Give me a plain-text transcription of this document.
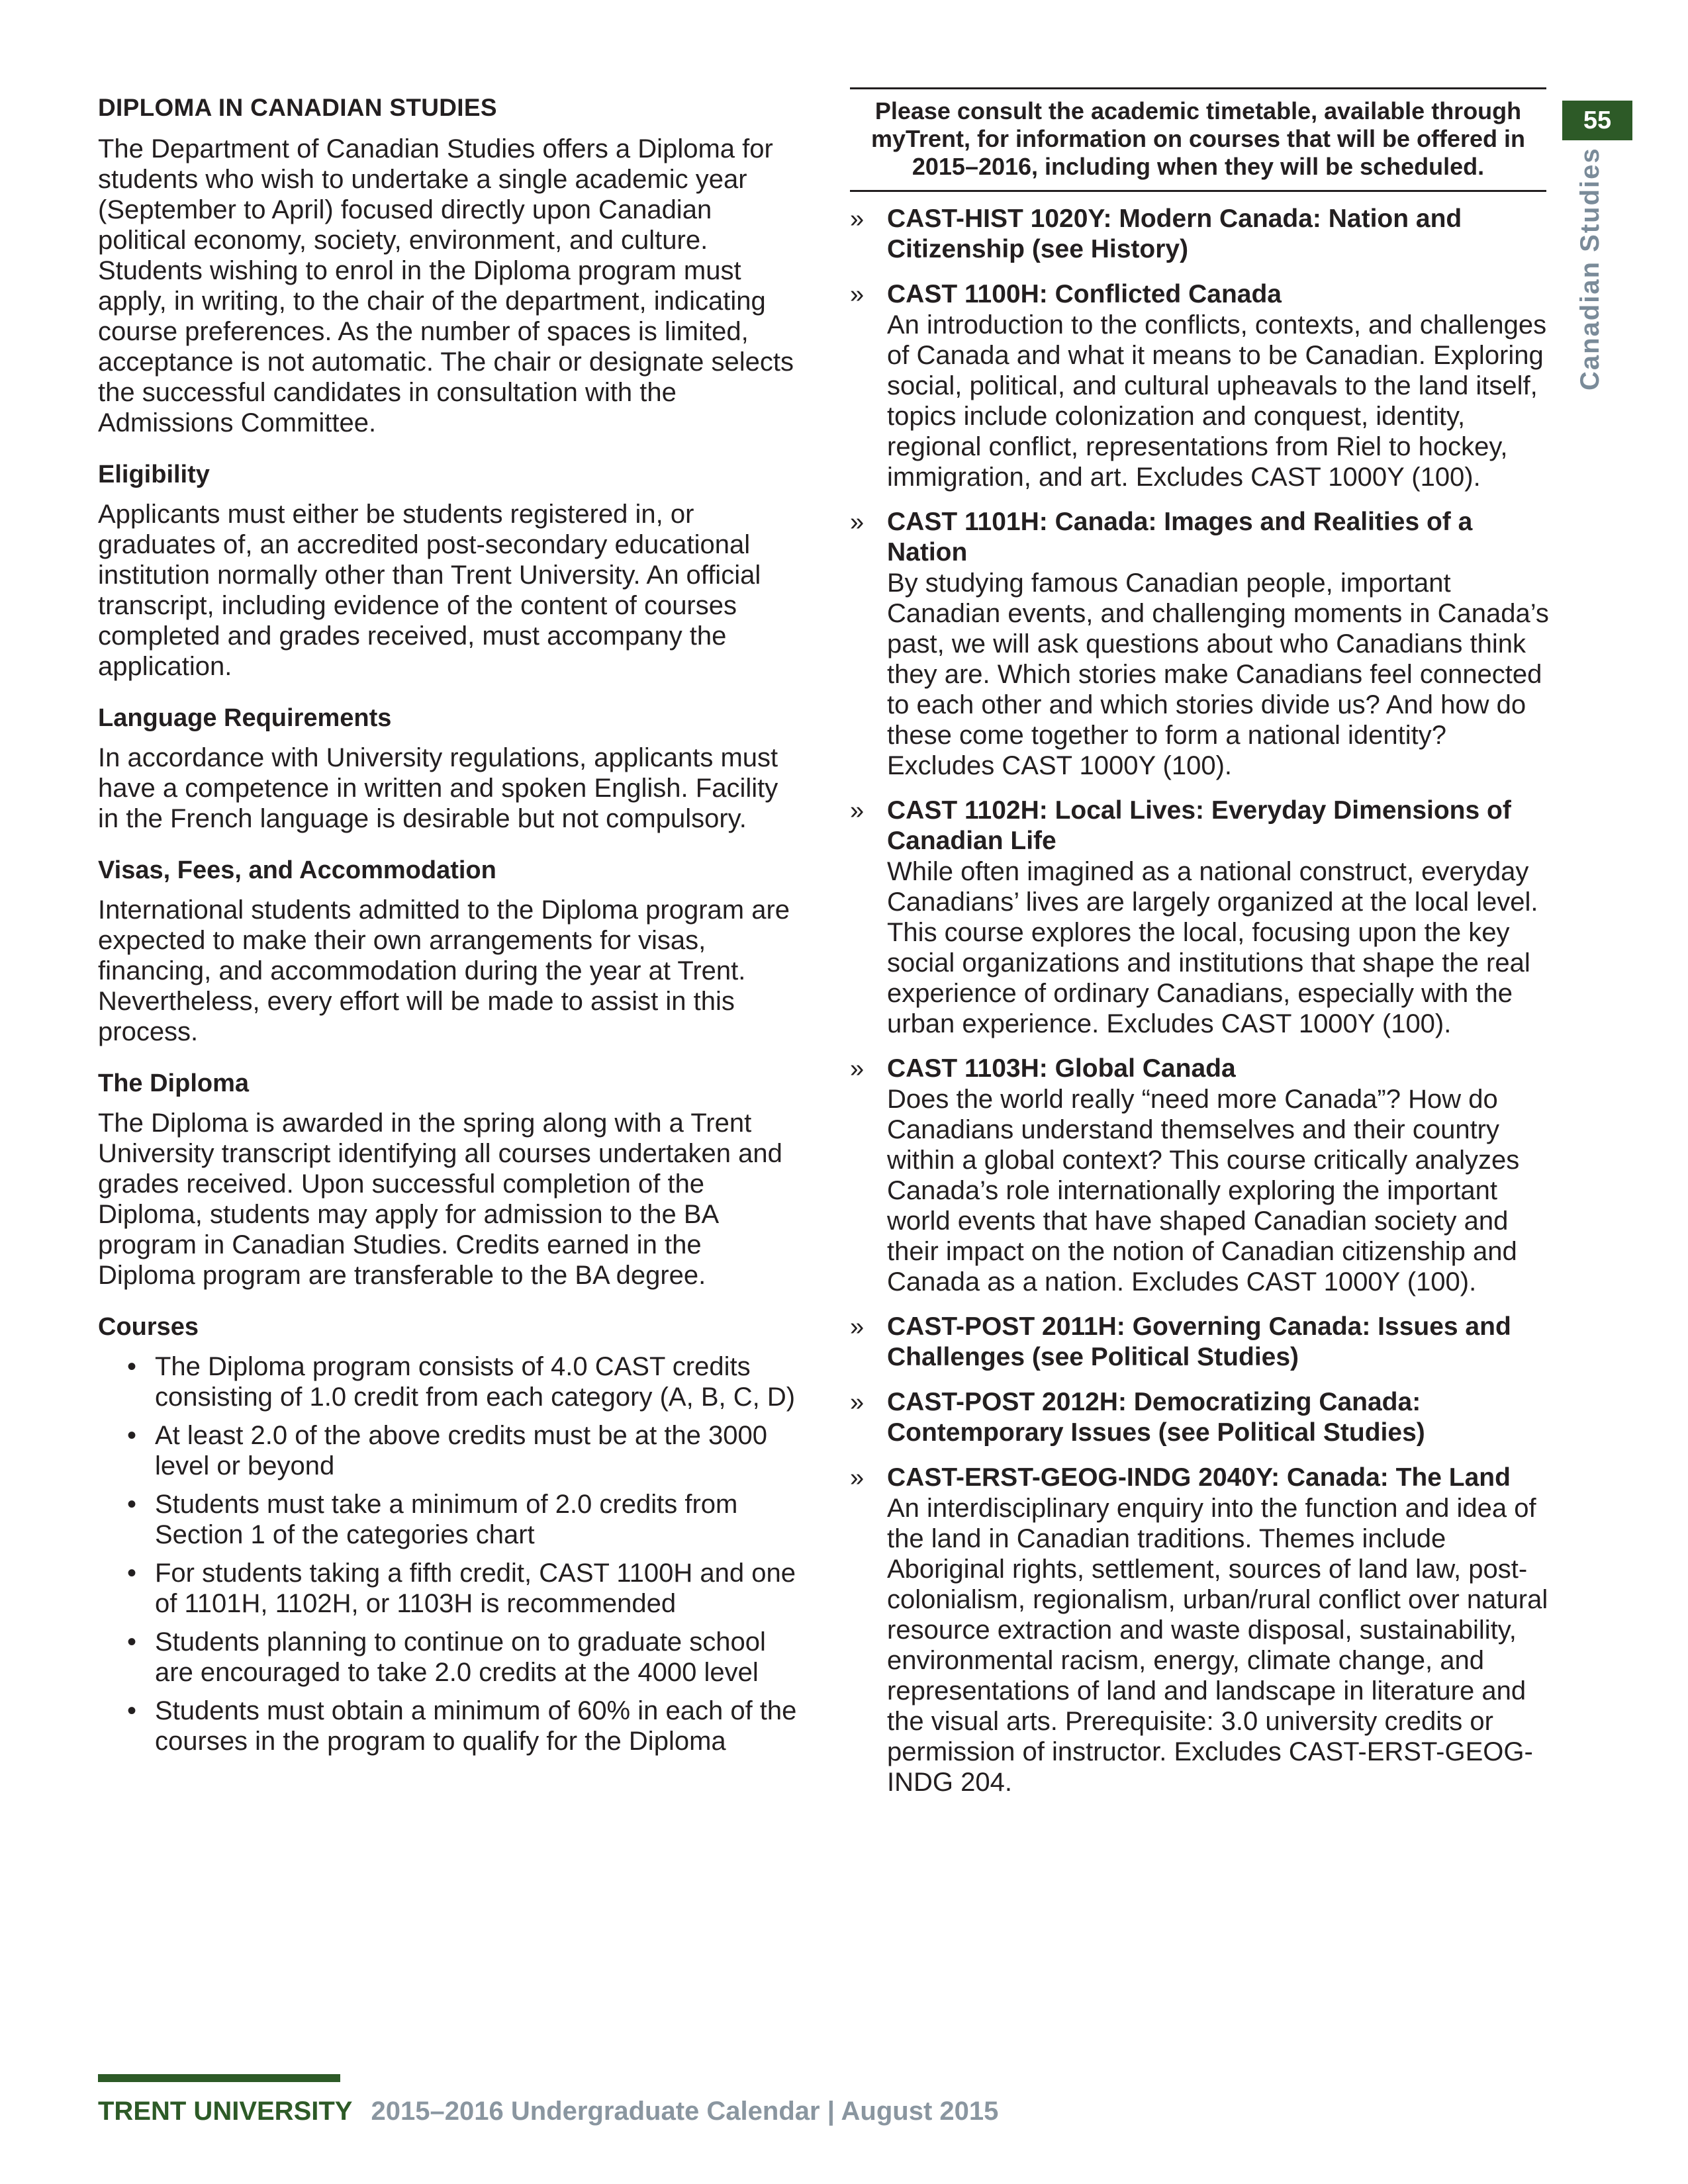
DIPLOMA IN CANADIAN STUDIES

The Department of Canadian Studies offers a Diploma for students who wish to undertake a single academic year (September to April) focused directly upon Canadian political economy, society, environment, and culture. Students wishing to enrol in the Diploma program must apply, in writing, to the chair of the department, indicating course preferences. As the number of spaces is limited, acceptance is not automatic. The chair or designate selects the successful candidates in consultation with the Admissions Committee.

Eligibility

Applicants must either be students registered in, or graduates of, an accredited post-secondary educational institution normally other than Trent University. An official transcript, including evidence of the content of courses completed and grades received, must accompany the application.

Language Requirements

In accordance with University regulations, applicants must have a competence in written and spoken English. Facility in the French language is desirable but not compulsory.

Visas, Fees, and Accommodation

International students admitted to the Diploma program are expected to make their own arrangements for visas, financing, and accommodation during the year at Trent. Nevertheless, every effort will be made to assist in this process.

The Diploma

The Diploma is awarded in the spring along with a Trent University transcript identifying all courses undertaken and grades received. Upon successful completion of the Diploma, students may apply for admission to the BA program in Canadian Studies. Credits earned in the Diploma program are transferable to the BA degree.

Courses
• The Diploma program consists of 4.0 CAST credits consisting of 1.0 credit from each category (A, B, C, D)
• At least 2.0 of the above credits must be at the 3000 level or beyond
• Students must take a minimum of 2.0 credits from Section 1 of the categories chart
• For students taking a fifth credit, CAST 1100H and one of 1101H, 1102H, or 1103H is recommended
• Students planning to continue on to graduate school are encouraged to take 2.0 credits at the 4000 level
• Students must obtain a minimum of 60% in each of the courses in the program to qualify for the Diploma
Please consult the academic timetable, available through myTrent, for information on courses that will be offered in 2015–2016, including when they will be scheduled.
» CAST-HIST 1020Y: Modern Canada: Nation and Citizenship (see History)
» CAST 1100H: Conflicted Canada
An introduction to the conflicts, contexts, and challenges of Canada and what it means to be Canadian. Exploring social, political, and cultural upheavals to the land itself, topics include colonization and conquest, identity, regional conflict, representations from Riel to hockey, immigration, and art. Excludes CAST 1000Y (100).
» CAST 1101H: Canada: Images and Realities of a Nation
By studying famous Canadian people, important Canadian events, and challenging moments in Canada’s past, we will ask questions about who Canadians think they are. Which stories make Canadians feel connected to each other and which stories divide us? And how do these come together to form a national identity? Excludes CAST 1000Y (100).
» CAST 1102H: Local Lives: Everyday Dimensions of Canadian Life
While often imagined as a national construct, everyday Canadians’ lives are largely organized at the local level. This course explores the local, focusing upon the key social organizations and institutions that shape the real experience of ordinary Canadians, especially with the urban experience. Excludes CAST 1000Y (100).
» CAST 1103H: Global Canada
Does the world really “need more Canada”? How do Canadians understand themselves and their country within a global context? This course critically analyzes Canada’s role internationally exploring the important world events that have shaped Canadian society and their impact on the notion of Canadian citizenship and Canada as a nation. Excludes CAST 1000Y (100).
» CAST-POST 2011H: Governing Canada: Issues and Challenges (see Political Studies)
» CAST-POST 2012H: Democratizing Canada: Contemporary Issues (see Political Studies)
» CAST-ERST-GEOG-INDG 2040Y: Canada: The Land
An interdisciplinary enquiry into the function and idea of the land in Canadian traditions. Themes include Aboriginal rights, settlement, sources of land law, post-colonialism, regionalism, urban/rural conflict over natural resource extraction and waste disposal, sustainability, environmental racism, energy, climate change, and representations of land and landscape in literature and the visual arts. Prerequisite: 3.0 university credits or permission of instructor. Excludes CAST-ERST-GEOG-INDG 204.
55
Canadian Studies
TRENT UNIVERSITY 2015–2016 Undergraduate Calendar | August 2015
